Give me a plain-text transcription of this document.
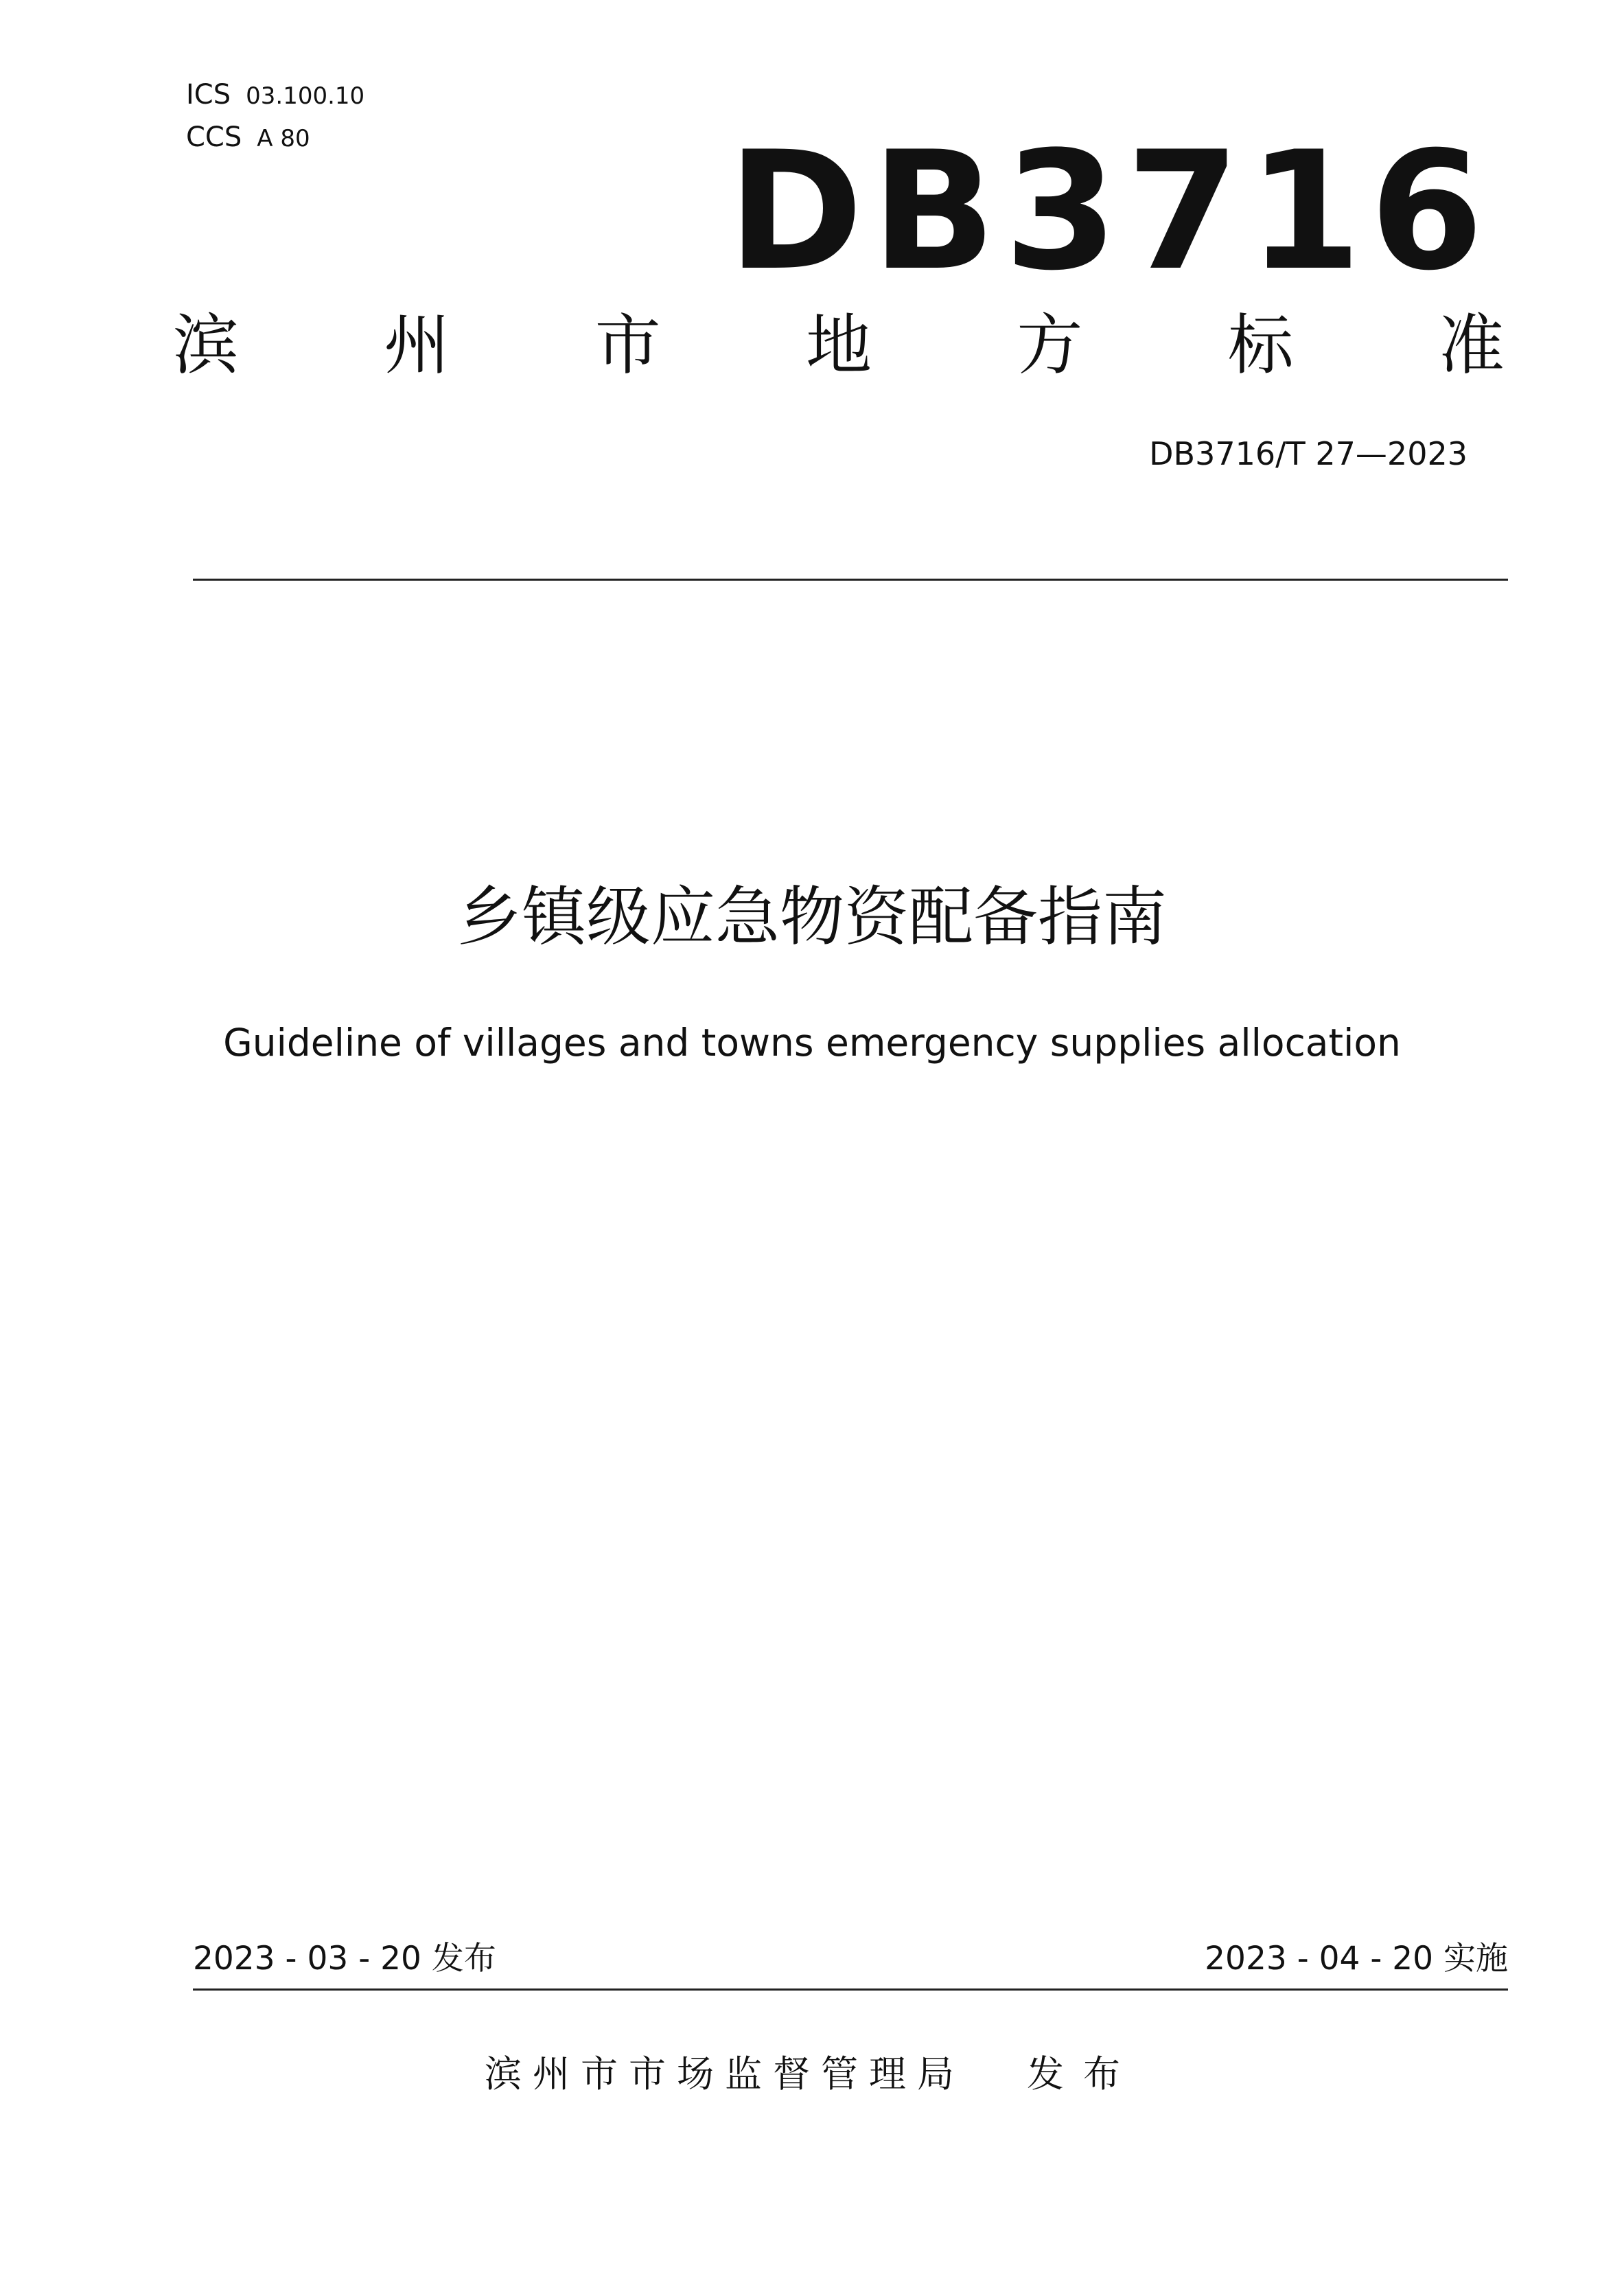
ICS 03.100.10
CCS A 80	DB3716
滨 州 市 地 方 标 准
DB3716/T 27—2023
乡镇级应急物资配备指南
Guideline of villages and towns emergency supplies allocation
2023 - 03 - 20 发布	2023 - 04 - 20 实施
滨州市市场监督管理局 发布
